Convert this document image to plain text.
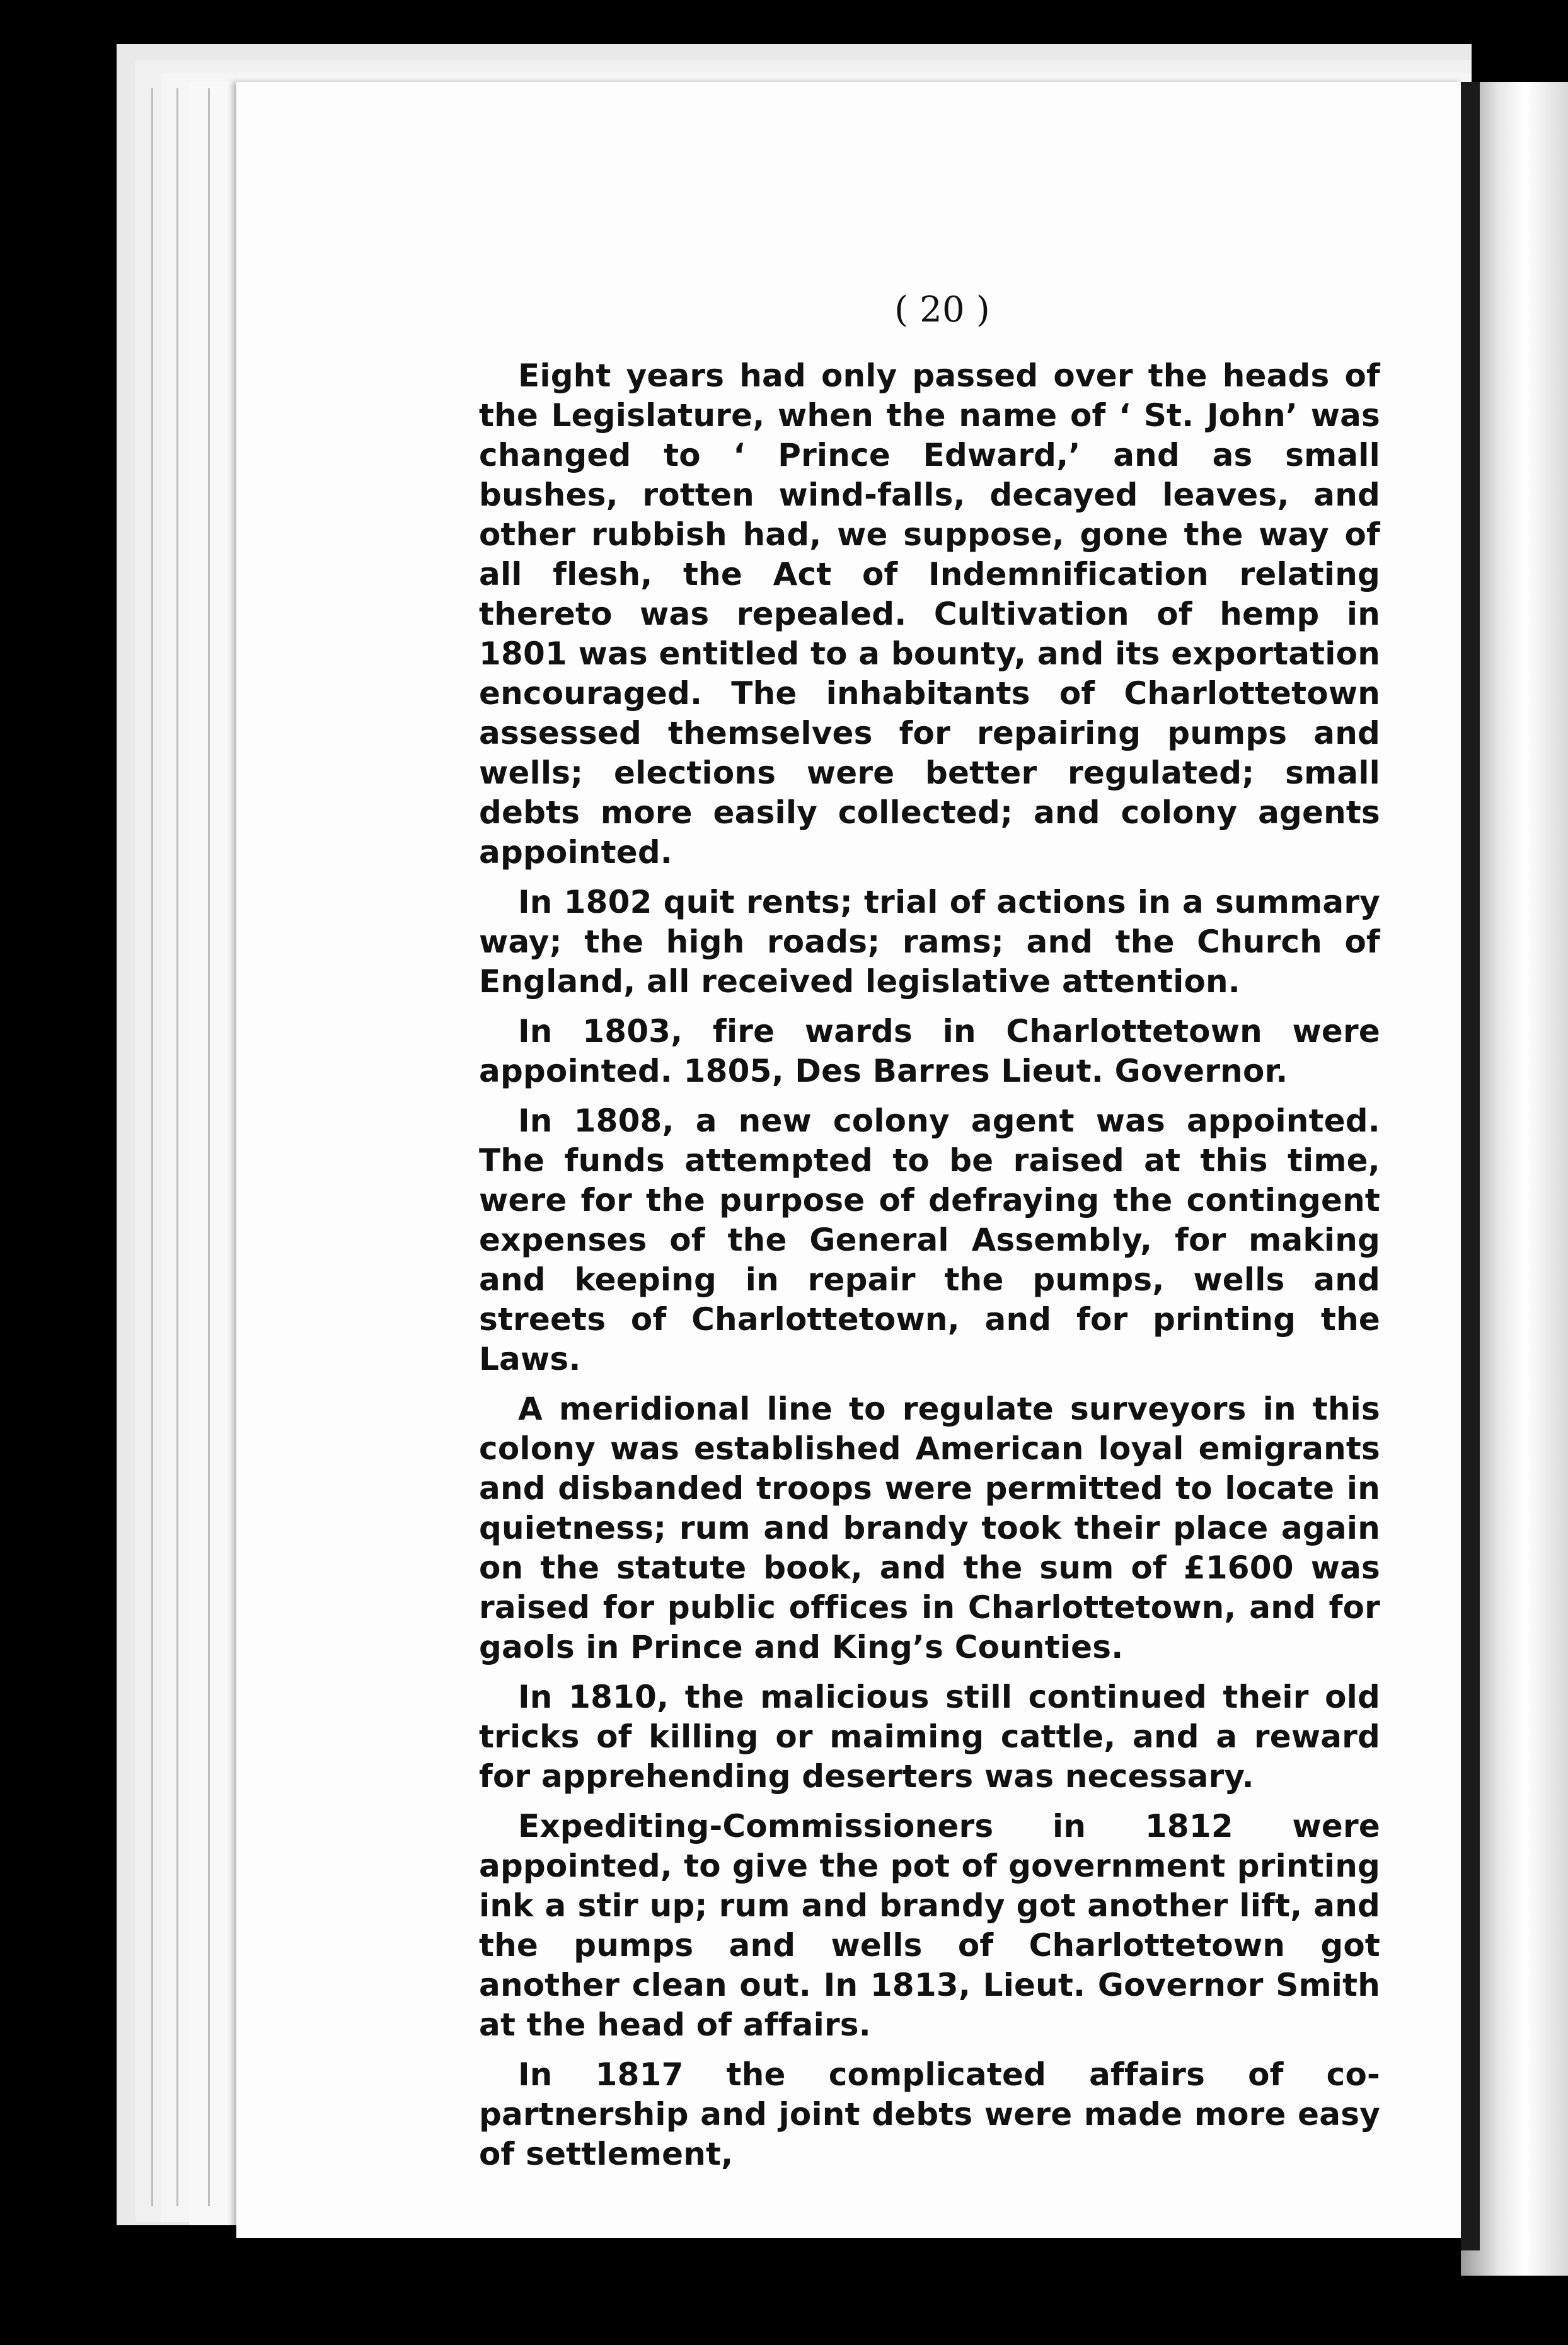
( 20 )

Eight years had only passed over the heads of the Legislature, when the name of ‘ St. John’ was changed to ‘ Prince Edward,’ and as small bushes, rotten wind-falls, decayed leaves, and other rubbish had, we suppose, gone the way of all flesh, the Act of Indemnification relating thereto was repealed. Cultivation of hemp in 1801 was entitled to a bounty, and its exportation encouraged. The inhabitants of Charlottetown assessed themselves for repairing pumps and wells; elections were better regulated; small debts more easily collected; and colony agents appointed.

In 1802 quit rents; trial of actions in a summary way; the high roads; rams; and the Church of England, all received legislative attention.

In 1803, fire wards in Charlottetown were appointed. 1805, Des Barres Lieut. Governor.

In 1808, a new colony agent was appointed. The funds attempted to be raised at this time, were for the purpose of defraying the contingent expenses of the General Assembly, for making and keeping in repair the pumps, wells and streets of Charlottetown, and for printing the Laws.

A meridional line to regulate surveyors in this colony was established American loyal emigrants and disbanded troops were permitted to locate in quietness; rum and brandy took their place again on the statute book, and the sum of £1600 was raised for public offices in Charlottetown, and for gaols in Prince and King’s Counties.

In 1810, the malicious still continued their old tricks of killing or maiming cattle, and a reward for apprehending deserters was necessary.

Expediting-Commissioners in 1812 were appointed, to give the pot of government printing ink a stir up; rum and brandy got another lift, and the pumps and wells of Charlottetown got another clean out. In 1813, Lieut. Governor Smith at the head of affairs.

In 1817 the complicated affairs of co-partnership and joint debts were made more easy of settlement,
